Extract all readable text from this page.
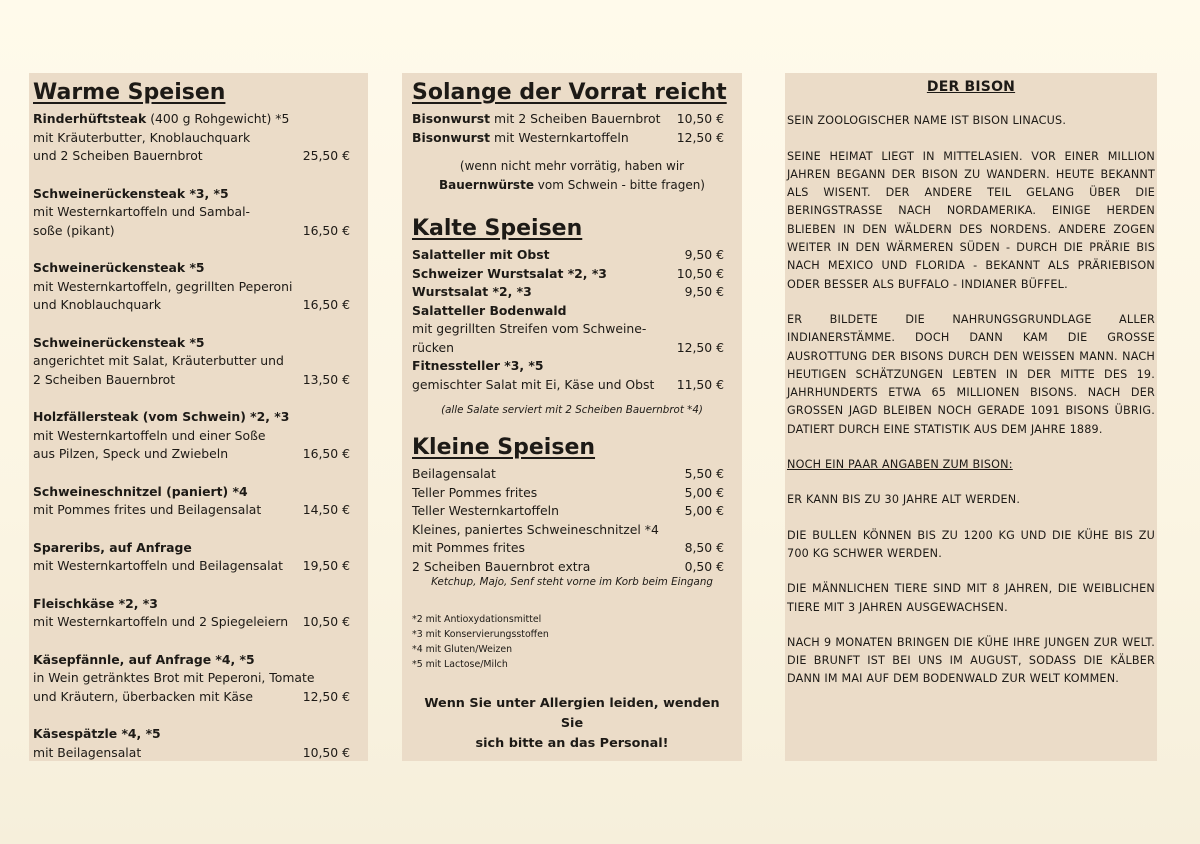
Warme Speisen
Rinderhüftsteak (400 g Rohgewicht) *5
mit Kräuterbutter, Knoblauchquark
und 2 Scheiben Bauernbrot	25,50 €
Schweinerückensteak *3, *5
mit Westernkartoffeln und Sambal-
soße (pikant)	16,50 €
Schweinerückensteak *5
mit Westernkartoffeln, gegrillten Peperoni
und Knoblauchquark	16,50 €
Schweinerückensteak *5
angerichtet mit Salat, Kräuterbutter und
2 Scheiben Bauernbrot	13,50 €
Holzfällersteak (vom Schwein) *2, *3
mit Westernkartoffeln und einer Soße
aus Pilzen, Speck und Zwiebeln	16,50 €
Schweineschnitzel (paniert) *4
mit Pommes frites und Beilagensalat	14,50 €
Spareribs, auf Anfrage
mit Westernkartoffeln und Beilagensalat 19,50 €
Fleischkäse *2, *3
mit Westernkartoffeln und 2 Spiegeleiern 10,50 €
Käsepfännle, auf Anfrage *4, *5
in Wein getränktes Brot mit Peperoni, Tomate
und Kräutern, überbacken mit Käse	12,50 €
Käsespätzle *4, *5
mit Beilagensalat	10,50 €
Solange der Vorrat reicht
Bisonwurst mit 2 Scheiben Bauernbrot 10,50 €
Bisonwurst mit Westernkartoffeln	12,50 €
(wenn nicht mehr vorrätig, haben wir
Bauernwürste vom Schwein - bitte fragen)
Kalte Speisen
Salatteller mit Obst	9,50 €
Schweizer Wurstsalat *2, *3	10,50 €
Wurstsalat *2, *3	9,50 €
Salatteller Bodenwald
mit gegrillten Streifen vom Schweine-
rücken	12,50 €
Fitnessteller *3, *5
gemischter Salat mit Ei, Käse und Obst 11,50 €
(alle Salate serviert mit 2 Scheiben Bauernbrot *4)
Kleine Speisen
Beilagensalat	5,50 €
Teller Pommes frites	5,00 €
Teller Westernkartoffeln	5,00 €
Kleines, paniertes Schweineschnitzel *4
mit Pommes frites	8,50 €
2 Scheiben Bauernbrot extra	0,50 €
Ketchup, Majo, Senf steht vorne im Korb beim Eingang
*2 mit Antioxydationsmittel
*3 mit Konservierungsstoffen
*4 mit Gluten/Weizen
*5 mit Lactose/Milch
Wenn Sie unter Allergien leiden, wenden Sie
sich bitte an das Personal!
DER BISON

SEIN ZOOLOGISCHER NAME IST BISON LINACUS.

SEINE HEIMAT LIEGT IN MITTELASIEN. VOR EINER MILLION JAHREN BEGANN DER BISON ZU WANDERN. HEUTE BEKANNT ALS WISENT. DER ANDERE TEIL GELANG ÜBER DIE BERINGSTRASSE NACH NORDAMERIKA. EINIGE HERDEN BLIEBEN IN DEN WÄLDERN DES NORDENS. ANDERE ZOGEN WEITER IN DEN WÄRMEREN SÜDEN - DURCH DIE PRÄRIE BIS NACH MEXICO UND FLORIDA - BEKANNT ALS PRÄRIEBISON ODER BESSER ALS BUFFALO - INDIANER BÜFFEL.

ER BILDETE DIE NAHRUNGSGRUNDLAGE ALLER INDIANERSTÄMME. DOCH DANN KAM DIE GROSSE AUSROTTUNG DER BISONS DURCH DEN WEISSEN MANN. NACH HEUTIGEN SCHÄTZUNGEN LEBTEN IN DER MITTE DES 19. JAHRHUNDERTS ETWA 65 MILLIONEN BISONS. NACH DER GROSSEN JAGD BLEIBEN NOCH GERADE 1091 BISONS ÜBRIG. DATIERT DURCH EINE STATISTIK AUS DEM JAHRE 1889.

NOCH EIN PAAR ANGABEN ZUM BISON:

ER KANN BIS ZU 30 JAHRE ALT WERDEN.

DIE BULLEN KÖNNEN BIS ZU 1200 KG UND DIE KÜHE BIS ZU 700 KG SCHWER WERDEN.

DIE MÄNNLICHEN TIERE SIND MIT 8 JAHREN, DIE WEIBLICHEN TIERE MIT 3 JAHREN AUSGEWACHSEN.

NACH 9 MONATEN BRINGEN DIE KÜHE IHRE JUNGEN ZUR WELT. DIE BRUNFT IST BEI UNS IM AUGUST, SODASS DIE KÄLBER DANN IM MAI AUF DEM BODENWALD ZUR WELT KOMMEN.
